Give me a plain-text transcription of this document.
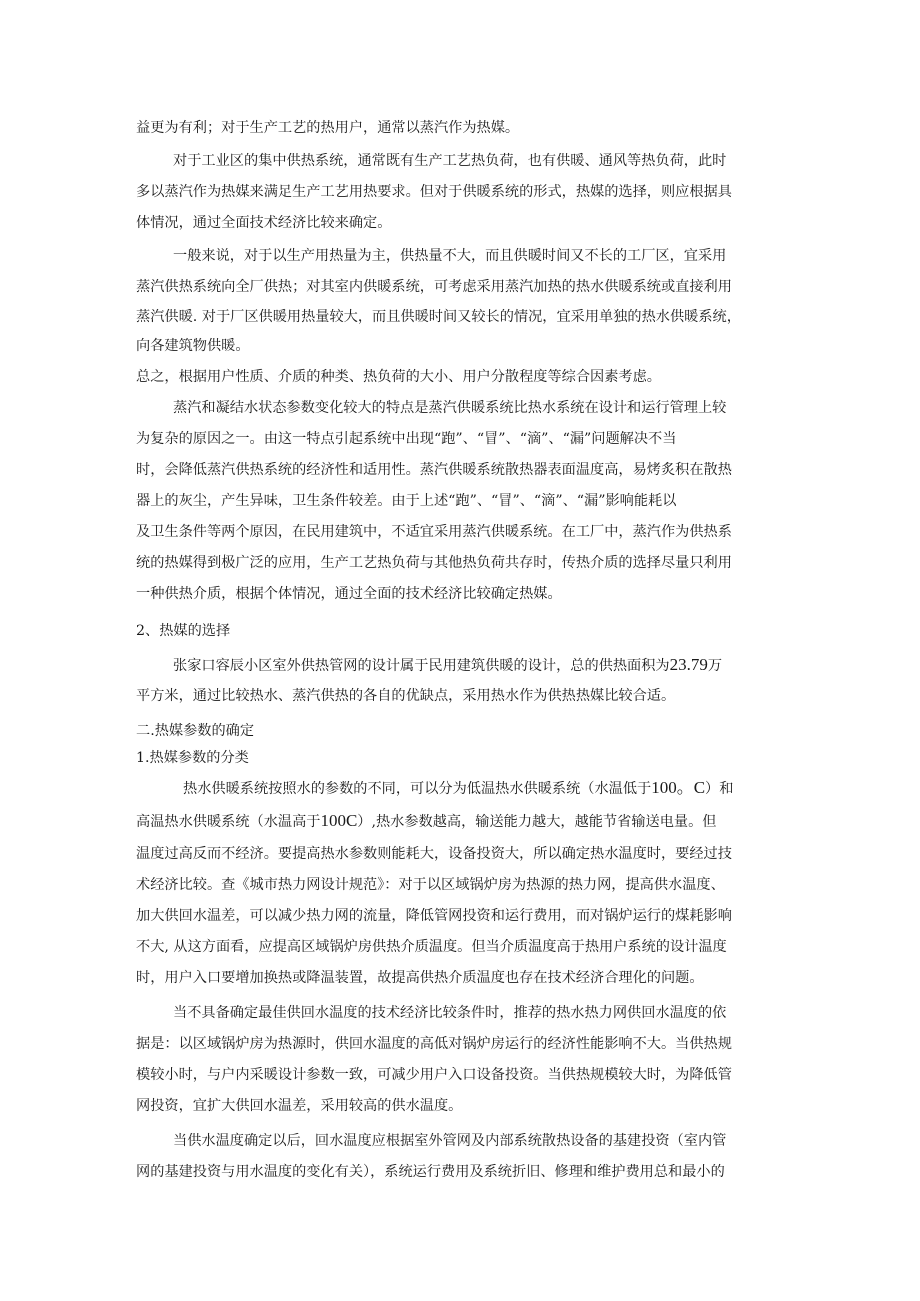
益更为有利；对于生产工艺的热用户，通常以蒸汽作为热媒。
对于工业区的集中供热系统，通常既有生产工艺热负荷，也有供暖、通风等热负荷，此时
多以蒸汽作为热媒来满足生产工艺用热要求。但对于供暖系统的形式，热媒的选择，则应根据具
体情况，通过全面技术经济比较来确定。
一般来说，对于以生产用热量为主，供热量不大，而且供暖时间又不长的工厂区，宜采用
蒸汽供热系统向全厂供热；对其室内供暖系统，可考虑采用蒸汽加热的热水供暖系统或直接利用
蒸汽供暖. 对于厂区供暖用热量较大，而且供暖时间又较长的情况，宜采用单独的热水供暖系统，
向各建筑物供暖。
总之，根据用户性质、介质的种类、热负荷的大小、用户分散程度等综合因素考虑。
蒸汽和凝结水状态参数变化较大的特点是蒸汽供暖系统比热水系统在设计和运行管理上较
为复杂的原因之一。由这一特点引起系统中出现“跑”、“冒”、“滴”、“漏”问题解决不当
时，会降低蒸汽供热系统的经济性和适用性。蒸汽供暖系统散热器表面温度高，易烤炙积在散热
器上的灰尘，产生异味，卫生条件较差。由于上述“跑”、“冒”、“滴”、“漏”影响能耗以
及卫生条件等两个原因，在民用建筑中，不适宜采用蒸汽供暖系统。在工厂中，蒸汽作为供热系
统的热媒得到极广泛的应用，生产工艺热负荷与其他热负荷共存时，传热介质的选择尽量只利用
一种供热介质，根据个体情况，通过全面的技术经济比较确定热媒。
2、热媒的选择
张家口容辰小区室外供热管网的设计属于民用建筑供暖的设计，总的供热面积为23.79万
平方米，通过比较热水、蒸汽供热的各自的优缺点，采用热水作为供热热媒比较合适。
二.热媒参数的确定
1.热媒参数的分类
热水供暖系统按照水的参数的不同，可以分为低温热水供暖系统（水温低于100。C）和
高温热水供暖系统（水温高于100C）,热水参数越高，输送能力越大，越能节省输送电量。但
温度过高反而不经济。要提高热水参数则能耗大，设备投资大，所以确定热水温度时，要经过技
术经济比较。查《城市热力网设计规范》：对于以区域锅炉房为热源的热力网，提高供水温度、
加大供回水温差，可以减少热力网的流量，降低管网投资和运行费用，而对锅炉运行的煤耗影响
不大, 从这方面看，应提高区域锅炉房供热介质温度。但当介质温度高于热用户系统的设计温度
时，用户入口要增加换热或降温装置，故提高供热介质温度也存在技术经济合理化的问题。
当不具备确定最佳供回水温度的技术经济比较条件时，推荐的热水热力网供回水温度的依
据是：以区域锅炉房为热源时，供回水温度的高低对锅炉房运行的经济性能影响不大。当供热规
模较小时，与户内采暖设计参数一致，可减少用户入口设备投资。当供热规模较大时，为降低管
网投资，宜扩大供回水温差，采用较高的供水温度。
当供水温度确定以后，回水温度应根据室外管网及内部系统散热设备的基建投资（室内管
网的基建投资与用水温度的变化有关），系统运行费用及系统折旧、修理和维护费用总和最小的
